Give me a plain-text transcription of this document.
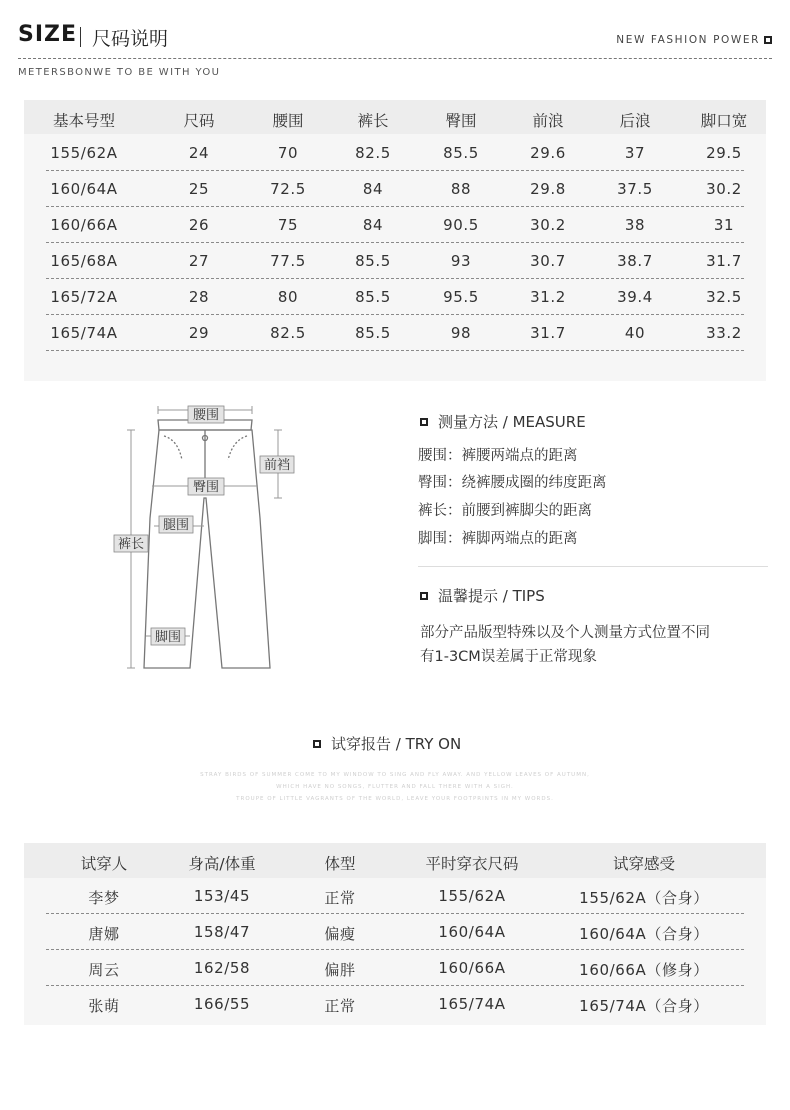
SIZE 尺码说明	NEW FASHION POWER
METERSBONWE TO BE WITH YOU
基本号型	尺码	腰围	裤长	臀围	前浪	后浪	脚口宽
155/62A	24	70	82.5	85.5	29.6	37	29.5
160/64A	25	72.5	84	88	29.8	37.5	30.2
160/66A	26	75	84	90.5	30.2	38	31
165/68A	27	77.5	85.5	93	30.7	38.7	31.7
165/72A	28	80	85.5	95.5	31.2	39.4	32.5
165/74A	29	82.5	85.5	98	31.7	40	33.2
腰围
前裆
臀围
腿围
裤长
脚围
测量方法 / MEASURE
腰围：裤腰两端点的距离
臀围：绕裤腰成圈的纬度距离
裤长：前腰到裤脚尖的距离
脚围：裤脚两端点的距离
温馨提示 / TIPS
部分产品版型特殊以及个人测量方式位置不同
有1-3CM误差属于正常现象
试穿报告 / TRY ON
STRAY BIRDS OF SUMMER COME TO MY WINDOW TO SING AND FLY AWAY. AND YELLOW LEAVES OF AUTUMN,
WHICH HAVE NO SONGS, FLUTTER AND FALL THERE WITH A SIGH.
TROUPE OF LITTLE VAGRANTS OF THE WORLD, LEAVE YOUR FOOTPRINTS IN MY WORDS.
试穿人	身高/体重	体型	平时穿衣尺码	试穿感受
李梦	153/45	正常	155/62A	155/62A（合身）
唐娜	158/47	偏瘦	160/64A	160/64A（合身）
周云	162/58	偏胖	160/66A	160/66A（修身）
张萌	166/55	正常	165/74A	165/74A（合身）
